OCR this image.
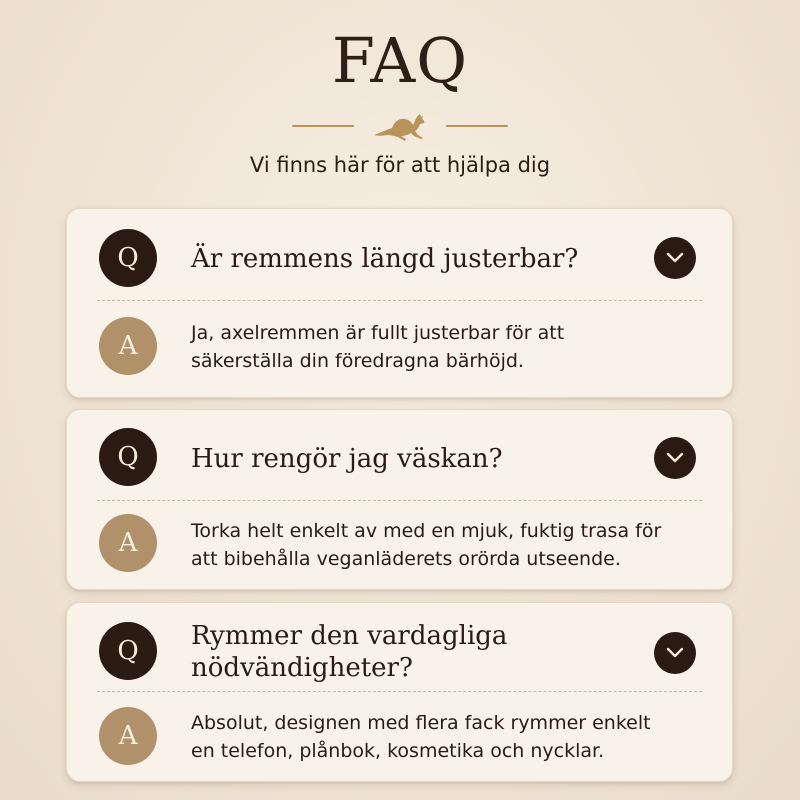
FAQ

Vi finns här för att hjälpa dig

Är remmens längd justerbar?
Ja, axelremmen är fullt justerbar för att
säkerställa din föredragna bärhöjd.
Hur rengör jag väskan?
Torka helt enkelt av med en mjuk, fuktig trasa för
att bibehålla veganläderets orörda utseende.
Rymmer den vardagliga
nödvändigheter?
Absolut, designen med flera fack rymmer enkelt
en telefon, plånbok, kosmetika och nycklar.
Q
A
Q
A
Q
A
